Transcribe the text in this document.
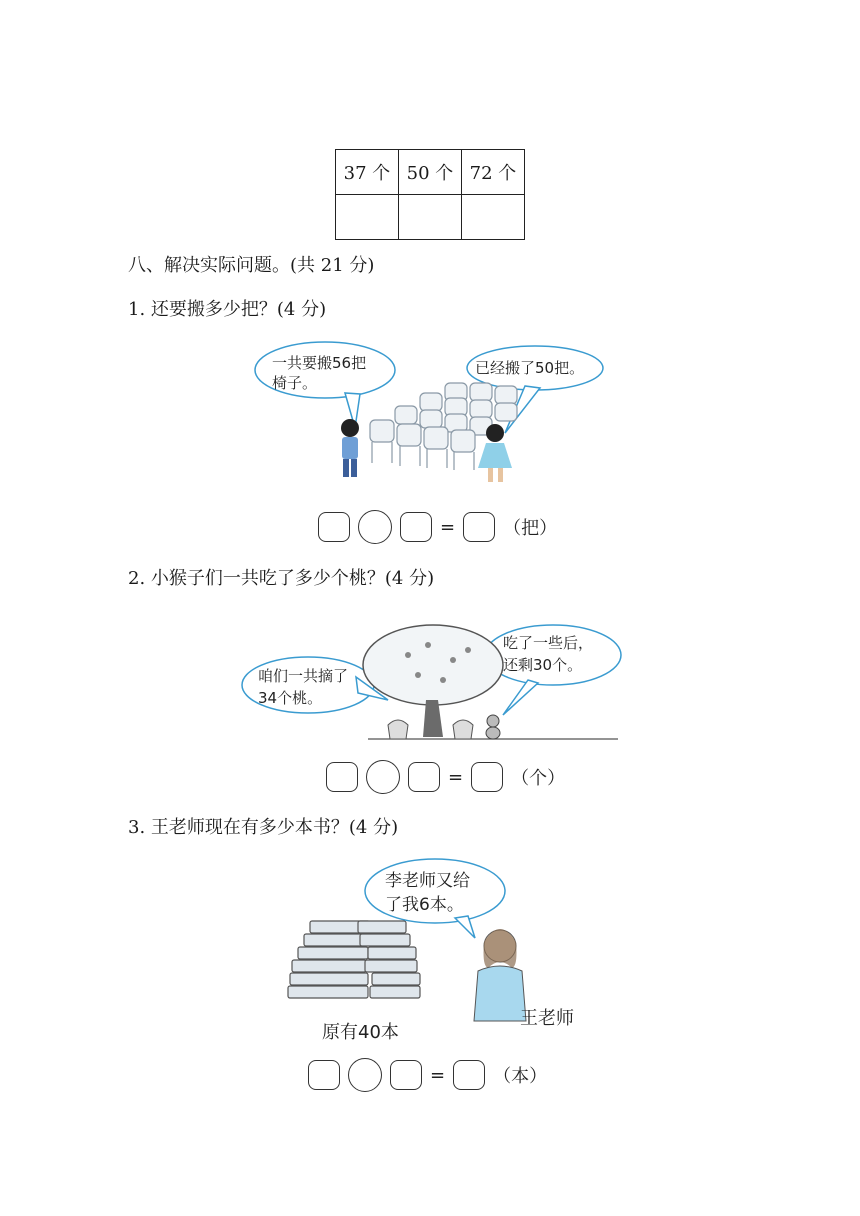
37 个	50 个	72 个

八、解决实际问题。(共 21 分)
1. 还要搬多少把？(4 分)
一共要搬56把
椅子。
已经搬了50把。
=	（把）
2. 小猴子们一共吃了多少个桃？(4 分)
咱们一共摘了
34个桃。
吃了一些后，
还剩30个。
=	（个）
3. 王老师现在有多少本书？(4 分)
李老师又给
了我6本。
原有40本
王老师
=	（本）
